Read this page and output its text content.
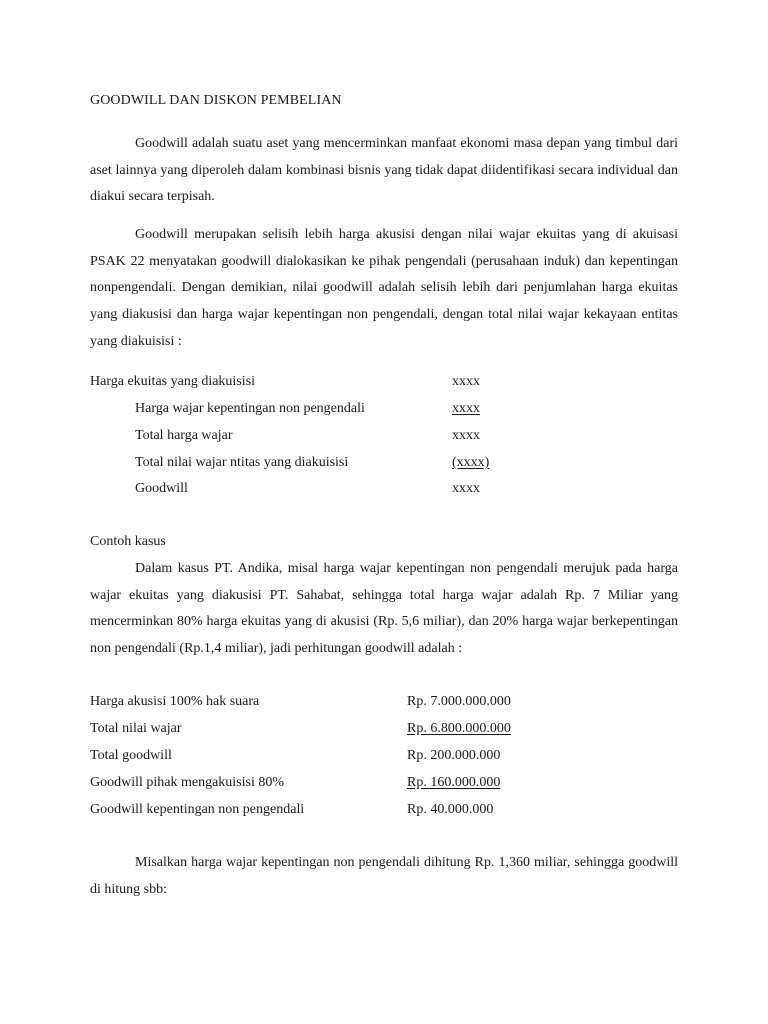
GOODWILL DAN DISKON PEMBELIAN

Goodwill adalah suatu aset yang mencerminkan manfaat ekonomi masa depan yang timbul dari aset lainnya yang diperoleh dalam kombinasi bisnis yang tidak dapat diidentifikasi secara individual dan diakui secara terpisah.

Goodwill merupakan selisih lebih harga akusisi dengan nilai wajar ekuitas yang di akuisasi PSAK 22 menyatakan goodwill dialokasikan ke pihak pengendali (perusahaan induk) dan kepentingan nonpengendali. Dengan demikian, nilai goodwill adalah selisih lebih dari penjumlahan harga ekuitas yang diakusisi dan harga wajar kepentingan non pengendali, dengan total nilai wajar kekayaan entitas yang diakuisisi :

Harga ekuitas yang diakuisisi	xxxx
Harga wajar kepentingan non pengendali	xxxx
Total harga wajar	xxxx
Total nilai wajar ntitas yang diakuisisi	(xxxx)
Goodwill	xxxx

Contoh kasus

Dalam kasus PT. Andika, misal harga wajar kepentingan non pengendali merujuk pada harga wajar ekuitas yang diakusisi PT. Sahabat, sehingga total harga wajar adalah Rp. 7 Miliar yang mencerminkan 80% harga ekuitas yang di akusisi (Rp. 5,6 miliar), dan 20% harga wajar berkepentingan non pengendali (Rp.1,4 miliar), jadi perhitungan goodwill adalah :

Harga akusisi 100% hak suara	Rp. 7.000.000.000
Total nilai wajar	Rp. 6.800.000.000
Total goodwill	Rp. 200.000.000
Goodwill pihak mengakuisisi 80%	Rp. 160.000.000
Goodwill kepentingan non pengendali	Rp. 40.000.000

Misalkan harga wajar kepentingan non pengendali dihitung Rp. 1,360 miliar, sehingga goodwill di hitung sbb:
